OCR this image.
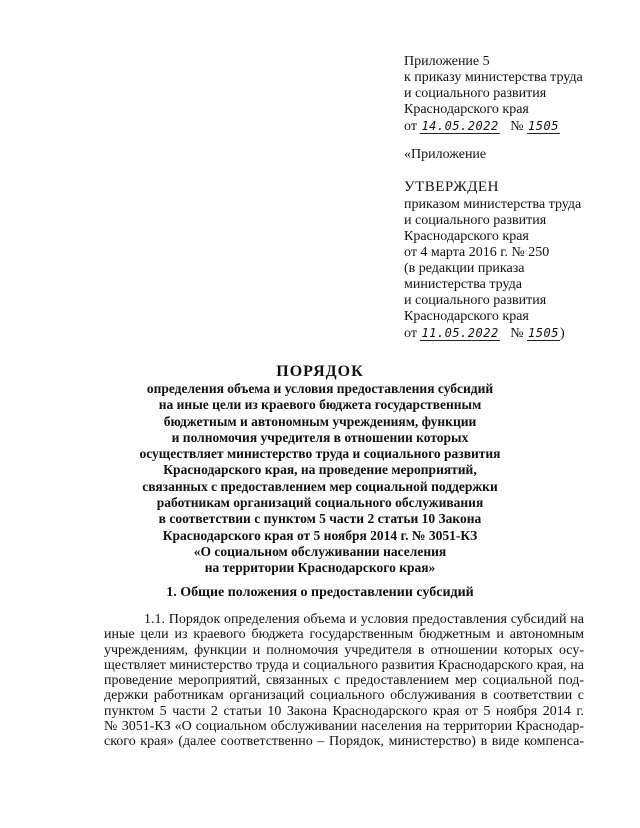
Приложение 5
к приказу министерства труда
и социального развития
Краснодарского края
от 14.05.2022 № 1505
«Приложение
УТВЕРЖДЕН
приказом министерства труда
и социального развития
Краснодарского края
от 4 марта 2016 г. № 250
(в редакции приказа
министерства труда
и социального развития
Краснодарского края
от 11.05.2022 № 1505)
ПОРЯДОК
определения объема и условия предоставления субсидий
на иные цели из краевого бюджета государственным
бюджетным и автономным учреждениям, функции
и полномочия учредителя в отношении которых
осуществляет министерство труда и социального развития
Краснодарского края, на проведение мероприятий,
связанных с предоставлением мер социальной поддержки
работникам организаций социального обслуживания
в соответствии с пунктом 5 части 2 статьи 10 Закона
Краснодарского края от 5 ноября 2014 г. № 3051-КЗ
«О социальном обслуживании населения
на территории Краснодарского края»
1. Общие положения о предоставлении субсидий
1.1. Порядок определения объема и условия предоставления субсидий на
иные цели из краевого бюджета государственным бюджетным и автономным
учреждениям, функции и полномочия учредителя в отношении которых осу-
ществляет министерство труда и социального развития Краснодарского края, на
проведение мероприятий, связанных с предоставлением мер социальной под-
держки работникам организаций социального обслуживания в соответствии с
пунктом 5 части 2 статьи 10 Закона Краснодарского края от 5 ноября 2014 г.
№ 3051-КЗ «О социальном обслуживании населения на территории Краснодар-
ского края» (далее соответственно – Порядок, министерство) в виде компенса-
